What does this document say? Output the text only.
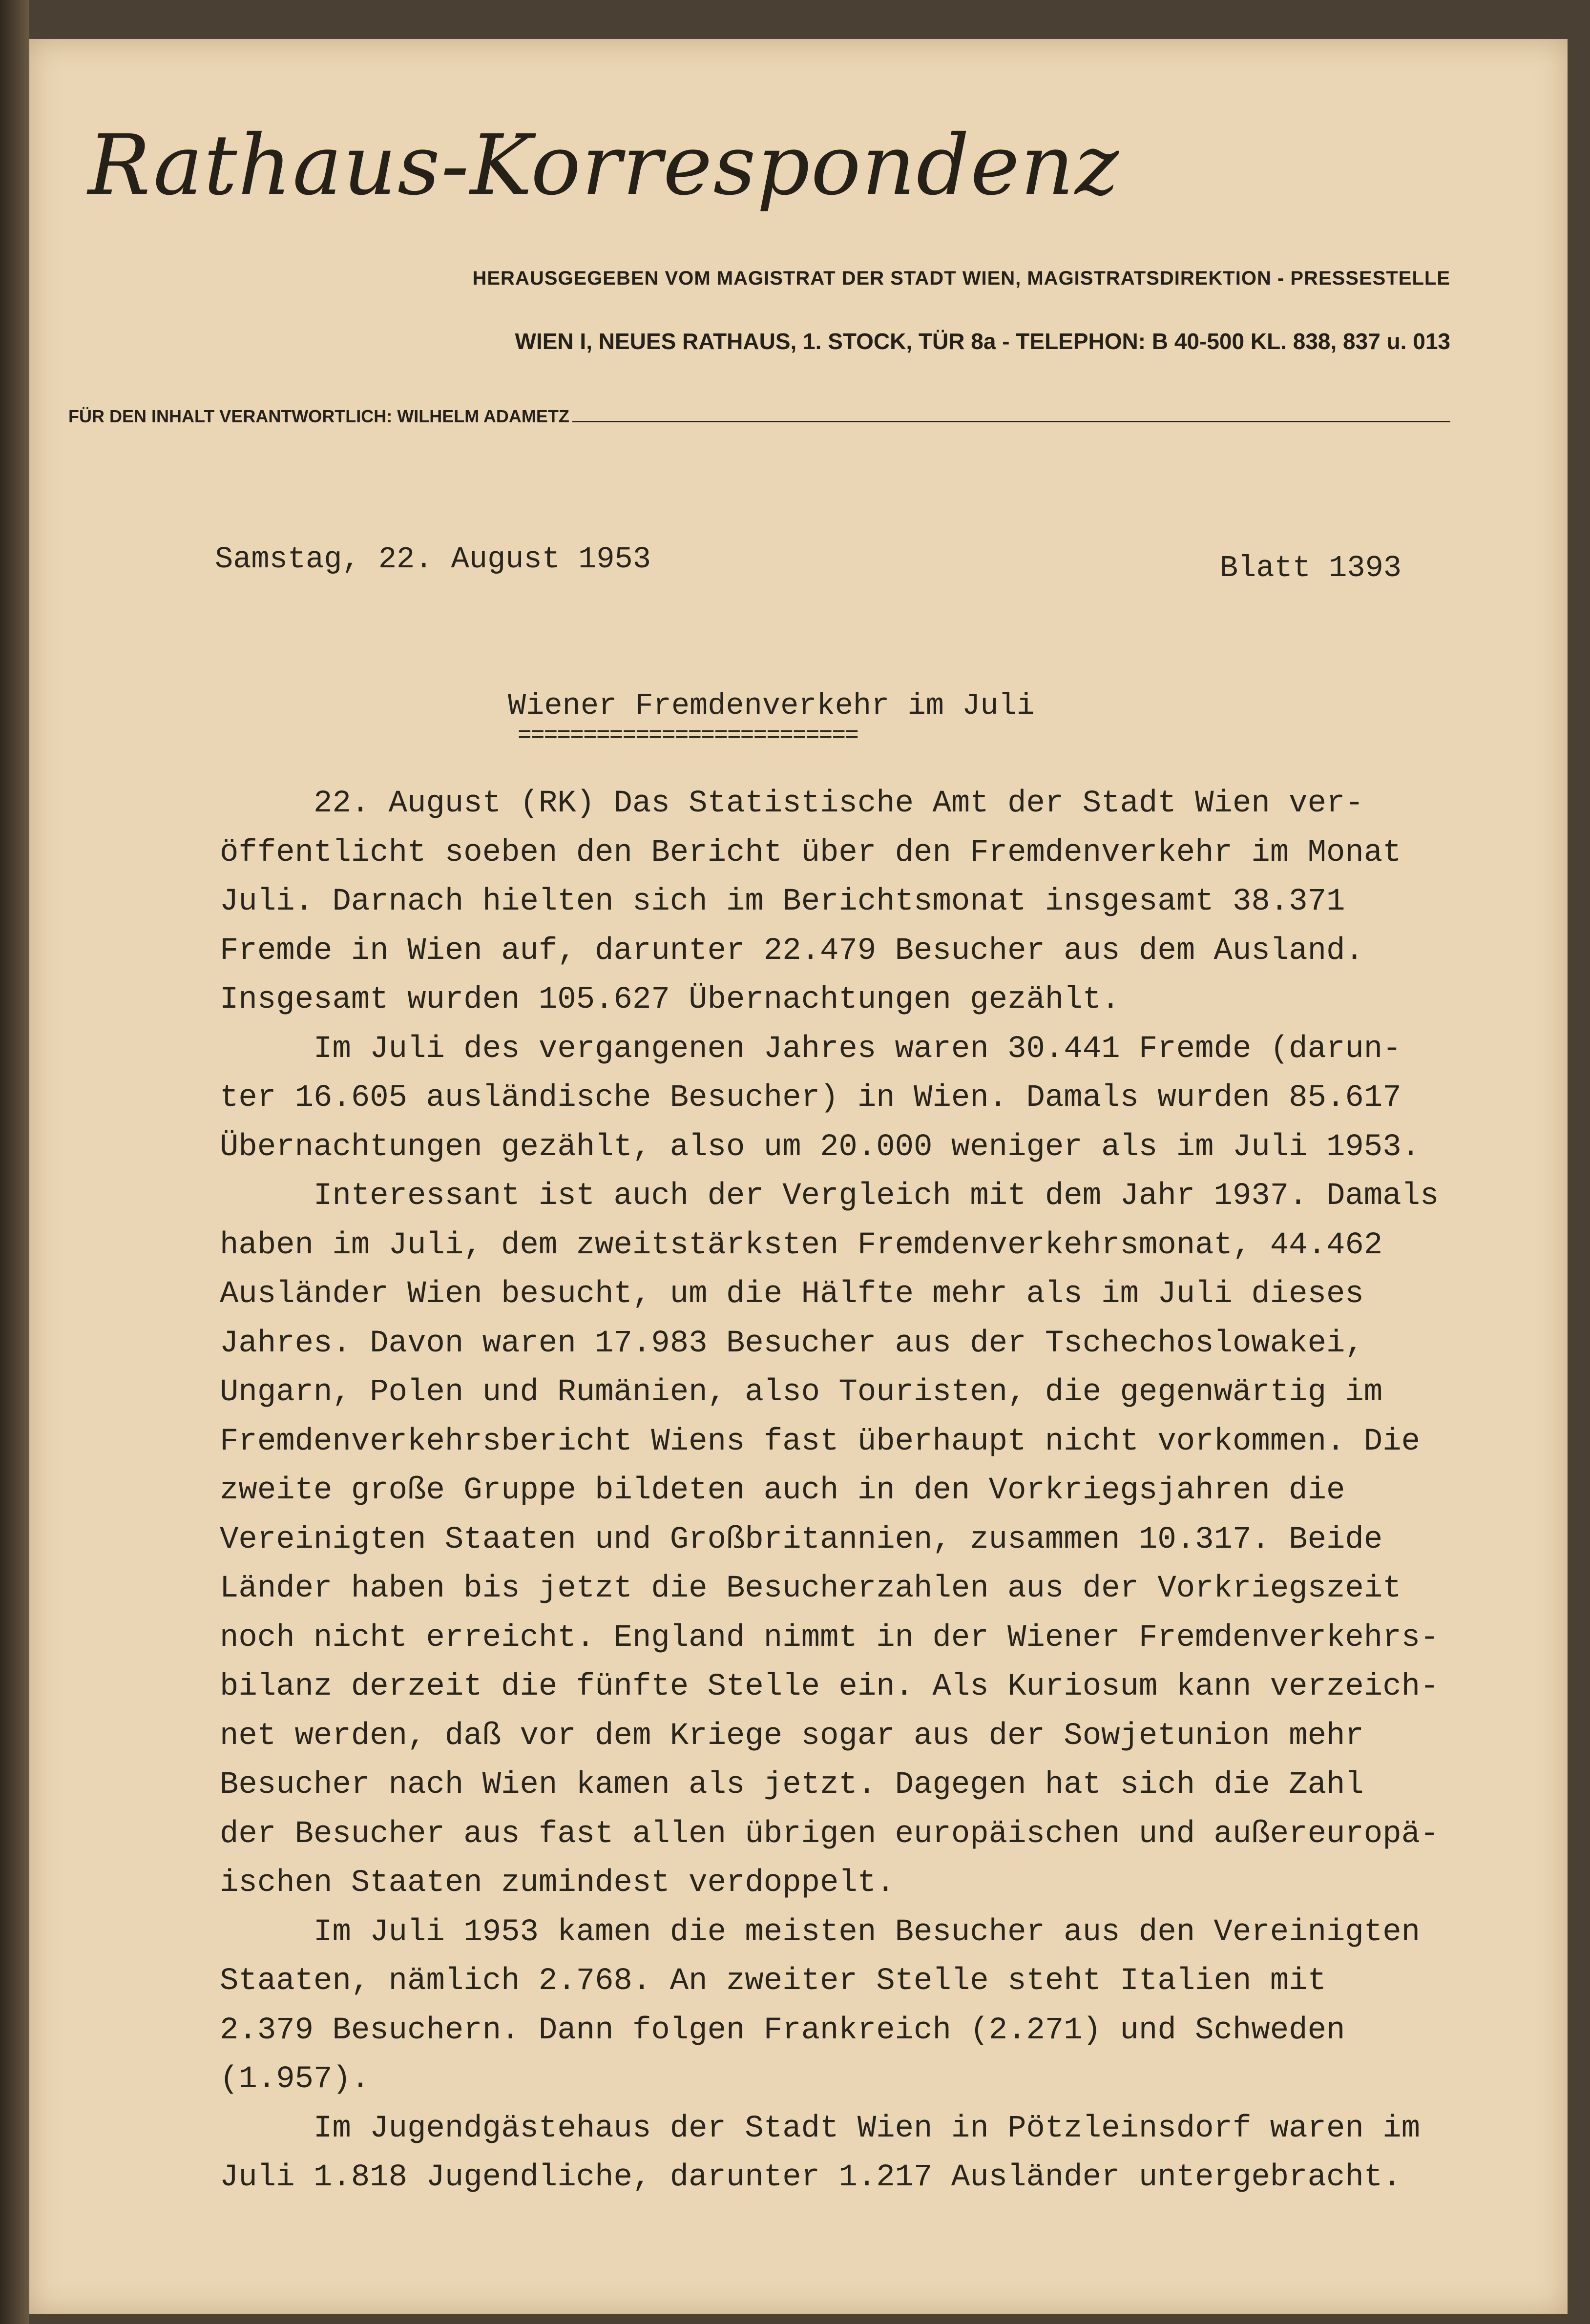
Rathaus-Korrespondenz
HERAUSGEGEBEN VOM MAGISTRAT DER STADT WIEN, MAGISTRATSDIREKTION - PRESSESTELLE
WIEN I, NEUES RATHAUS, 1. STOCK, TÜR 8a - TELEPHON: B 40-500 KL. 838, 837 u. 013
FÜR DEN INHALT VERANTWORTLICH: WILHELM ADAMETZ
Samstag, 22. August 1953	Blatt 1393
Wiener Fremdenverkehr im Juli
==========================
22. August (RK) Das Statistische Amt der Stadt Wien ver-
öffentlicht soeben den Bericht über den Fremdenverkehr im Monat
Juli. Darnach hielten sich im Berichtsmonat insgesamt 38.371
Fremde in Wien auf, darunter 22.479 Besucher aus dem Ausland.
Insgesamt wurden 105.627 Übernachtungen gezählt.
Im Juli des vergangenen Jahres waren 30.441 Fremde (darun-
ter 16.605 ausländische Besucher) in Wien. Damals wurden 85.617
Übernachtungen gezählt, also um 20.000 weniger als im Juli 1953.
Interessant ist auch der Vergleich mit dem Jahr 1937. Damals
haben im Juli, dem zweitstärksten Fremdenverkehrsmonat, 44.462
Ausländer Wien besucht, um die Hälfte mehr als im Juli dieses
Jahres. Davon waren 17.983 Besucher aus der Tschechoslowakei,
Ungarn, Polen und Rumänien, also Touristen, die gegenwärtig im
Fremdenverkehrsbericht Wiens fast überhaupt nicht vorkommen. Die
zweite große Gruppe bildeten auch in den Vorkriegsjahren die
Vereinigten Staaten und Großbritannien, zusammen 10.317. Beide
Länder haben bis jetzt die Besucherzahlen aus der Vorkriegszeit
noch nicht erreicht. England nimmt in der Wiener Fremdenverkehrs-
bilanz derzeit die fünfte Stelle ein. Als Kuriosum kann verzeich-
net werden, daß vor dem Kriege sogar aus der Sowjetunion mehr
Besucher nach Wien kamen als jetzt. Dagegen hat sich die Zahl
der Besucher aus fast allen übrigen europäischen und außereuropä-
ischen Staaten zumindest verdoppelt.
Im Juli 1953 kamen die meisten Besucher aus den Vereinigten
Staaten, nämlich 2.768. An zweiter Stelle steht Italien mit
2.379 Besuchern. Dann folgen Frankreich (2.271) und Schweden
(1.957).
Im Jugendgästehaus der Stadt Wien in Pötzleinsdorf waren im
Juli 1.818 Jugendliche, darunter 1.217 Ausländer untergebracht.
